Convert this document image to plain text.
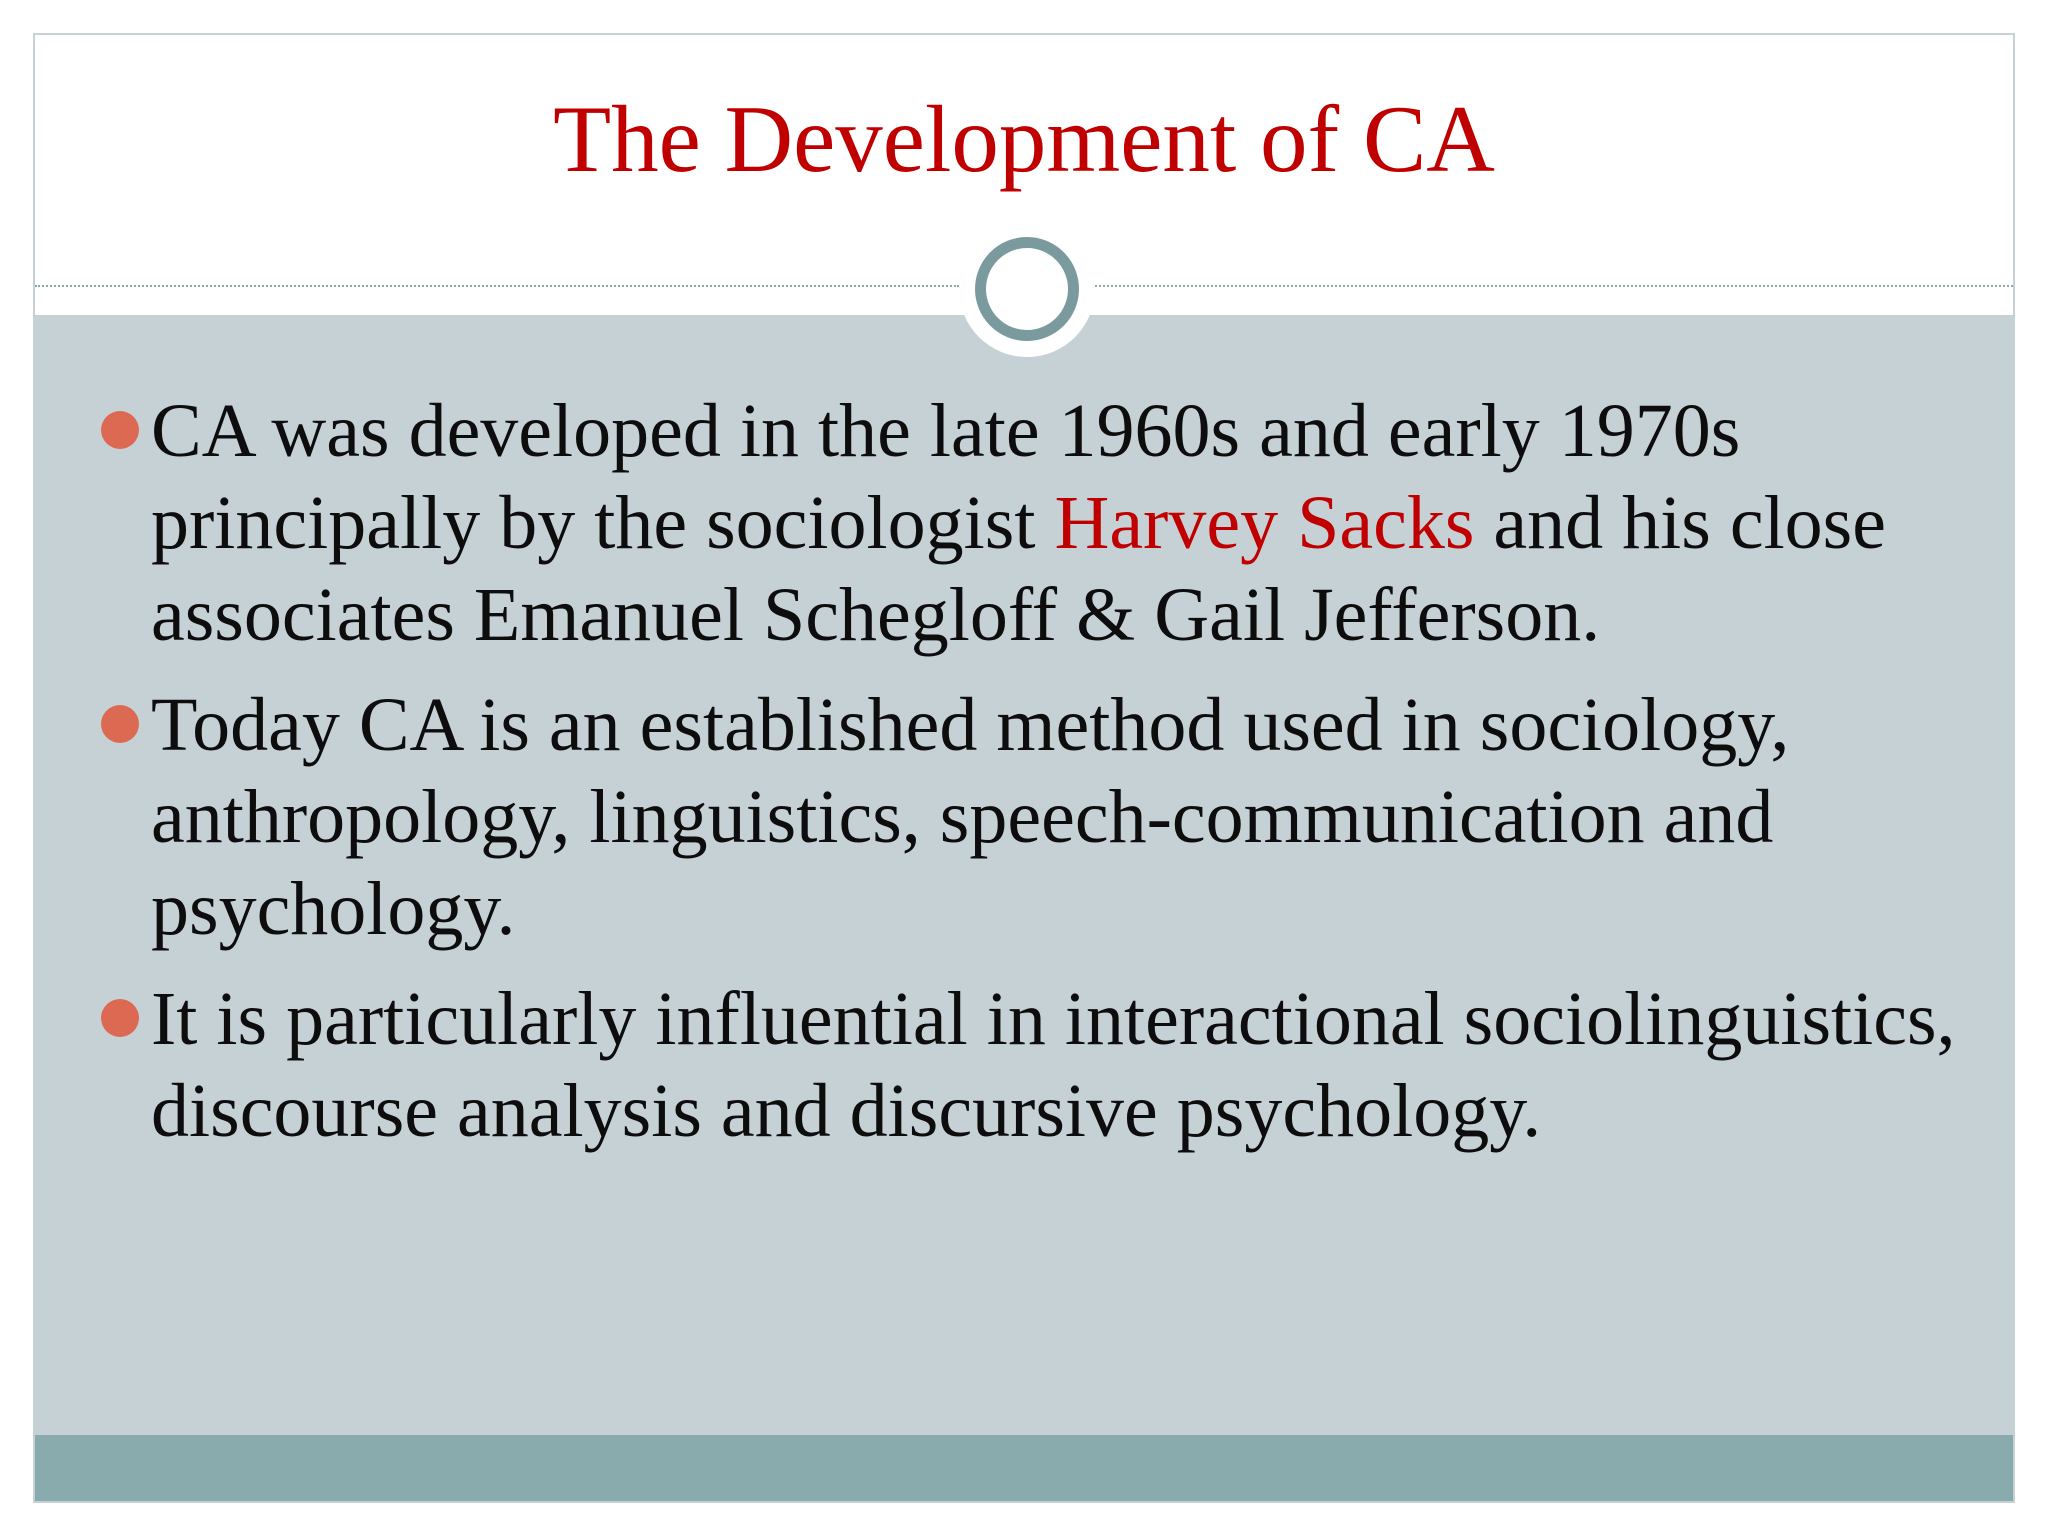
The Development of CA
CA was developed in the late 1960s and early 1970s principally by the sociologist Harvey Sacks and his close associates Emanuel Schegloff & Gail Jefferson.
Today CA is an established method used in sociology, anthropology, linguistics, speech-communication and psychology.
It is particularly influential in interactional sociolinguistics, discourse analysis and discursive psychology.
